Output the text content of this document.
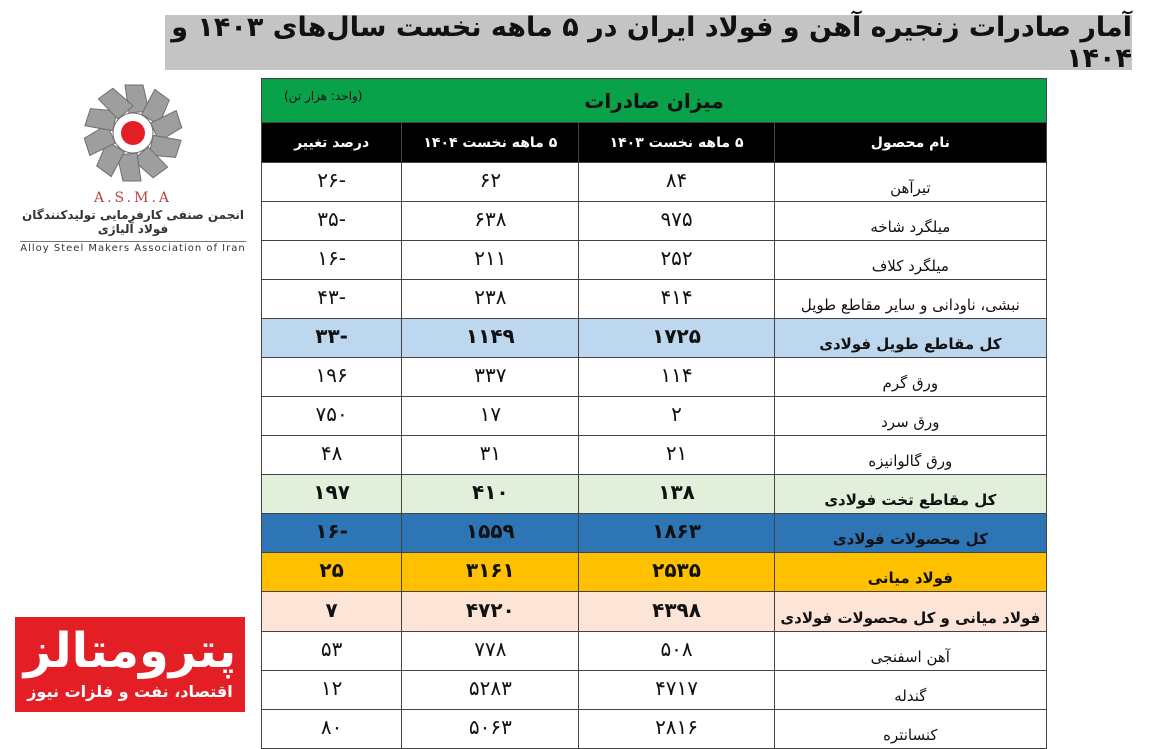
آمار صادرات زنجیره آهن و فولاد ایران در ۵ ماهه نخست سال‌های ۱۴۰۳ و ۱۴۰۴
A.S.M.A
انجمن صنفی کارفرمایی تولیدکنندگان فولاد آلیاژی
Alloy Steel Makers Association of Iran
پترومتالز
اقتصاد، نفت و فلزات نیوز
میزان صادرات
(واحد: هزار تن)			

نام محصول	۵ ماهه نخست ۱۴۰۳	۵ ماهه نخست ۱۴۰۴	درصد تغییر
تیرآهن	۸۴	۶۲	-۲۶
میلگرد شاخه	۹۷۵	۶۳۸	-۳۵
میلگرد کلاف	۲۵۲	۲۱۱	-۱۶
نبشی، ناودانی و سایر مقاطع طویل	۴۱۴	۲۳۸	-۴۳
کل مقاطع طویل فولادی	۱۷۲۵	۱۱۴۹	-۳۳
ورق گرم	۱۱۴	۳۳۷	۱۹۶
ورق سرد	۲	۱۷	۷۵۰
ورق گالوانیزه	۲۱	۳۱	۴۸
کل مقاطع تخت فولادی	۱۳۸	۴۱۰	۱۹۷
کل محصولات فولادی	۱۸۶۳	۱۵۵۹	-۱۶
فولاد میانی	۲۵۳۵	۳۱۶۱	۲۵
فولاد میانی و کل محصولات فولادی	۴۳۹۸	۴۷۲۰	۷
آهن اسفنجی	۵۰۸	۷۷۸	۵۳
گندله	۴۷۱۷	۵۲۸۳	۱۲
کنسانتره	۲۸۱۶	۵۰۶۳	۸۰
